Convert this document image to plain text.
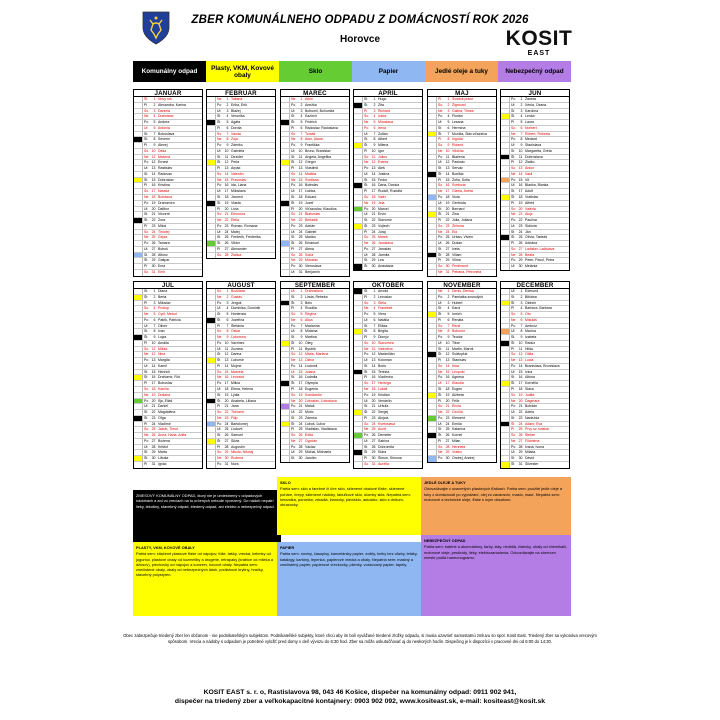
ZBER KOMUNÁLNEHO ODPADU Z DOMÁCNOSTÍ ROK 2026
Horovce	KOSIT
EAST
Komunálny odpad	Plasty, VKM, Kovové obaly	Sklo	Papier	Jedlé oleje a tuky	Nebezpečný odpad
JANUÁR
Št	1 Nový rok
Pi	2 Alexandra, Karina
So	3 Daniela
Ne	4 Drahoslav
Po	5 Andrea
Ut	6 Antónia
St	7 Bohuslava
Št	8 Severín
Pi	9 Alexej
So 10 Dáša
Ne 11 Malvína
Po 12 Ernest
Ut	13 Rastislav
St	14 Radovan
Št	15 Dobroslav
Pi	16 Kristína
So 17 Nataša
Ne 18 Bohdana
Po 19 Drahomíra
Ut	20 Dalibor
St	21 Vincent
Št	22 Zora
Pi	23 Miloš
So 24 Timotej
Ne 25 Gejza
Po 26 Tamara
Ut	27 Bohuš
St	28 Alfonz
Št	29 Gašpar
Pi	30 Ema
So 31 Emil
FEBRUÁR
Ne	1 Tatiana
Po	2 Erika, Erik
Ut	3 Blažej
St	4 Veronika
Št	5 Agáta
Pi	6 Dorota
So	7 Vanda
Ne	8 Zoja
Po	9 Zdenko
Ut	10 Gabriela
St	11 Dezider
Št	12 Perla
Pi	13 Arpád
So 14 Valentín
Ne 15 Pravoslav
Po 16 Ida, Liana
Ut	17 Miloslava
St	18 Jaromír
Št	19 Vlasta
Pi	20 Lívia
So 21 Eleonóra
Ne 22 Etela
Po 23 Roman, Romana
Ut	24 Matej
St	25 Frederik, Frederika
Št	26 Viktor
Pi	27 Alexander
So 28 Zlatica
MAREC
Ne	1 Albín
Po	2 Anežka
Ut	3 Bohumil, Bohumila
St	4 Kazimír
Št	5 Fridrich
Pi	6 Radoslav, Radoslava
So	7 Tomáš
Ne	8 Alan, Alana
Po	9 Františka
Ut	10 Bruno, Branislav
St	11 Angela, Angelika
Št	12 Gregor
Pi	13 Vlastimil
So 14 Matilda
Ne 15 Svetlana
Po 16 Boleslav
Ut	17 Ľubica
St	18 Eduard
Št	19 Jozef
Pi	20 Víťazoslav, Klaudius
So 21 Blahoslav
Ne 22 Beňadik
Po 23 Adrián
Ut	24 Gabriel
St	25 Marián
Št	26 Emanuel
Pi	27 Alena
So 28 Soňa
Ne 29 Miroslav
Po 30 Vieroslava
Ut	31 Benjamín
APRÍL
St	1 Hugo
Št	2 Zita
Pi	3 Richard
So	4 Izidor
Ne	5 Miroslava
Po	6 Irena
Ut	7 Zoltán
St	8 Albert
Št	9 Milena
Pi	10 Igor
So	11 Július
Ne 12 Estera
Po 13 Aleš
Ut	14 Justína
St	15 Fedor
Št	16 Dana, Danica
Pi	17 Rudolf, Rudolfa
So 18 Valér
Ne 19 Jela
Po 20 Marcel
Ut	21 Ervín
St	22 Slavomír
Št	23 Vojtech
Pi	24 Juraj
So 25 Marek
Ne 26 Jaroslava
Po 27 Jaroslav
Ut	28 Jarmila
St	29 Lea
Št	30 Anastázia
MÁJ
Pi	1 Sviatok práce
So	2 Žigmund
Ne	3 Galina, Timea
Po	4 Florián
Ut	5 Lesana
St	6 Hermína
Št	7 Monika, Sláv.víťazstva
Pi	8 Ingrida
So	9 Roland
Ne 10 Viktória
Po	11 Blažena
Ut	12 Pankrác
St	13 Servác
Št	14 Bonifác
Pi	15 Žofia, Sofia
So 16 Svetozár
Ne 17 Gizela, Aneta
Po 18 Viola
Ut	19 Gertrúda
St	20 Bernard
Št	21 Zina
Pi	22 Júlia, Juliana
So 23 Želmíra
Ne 24 Ela
Po 25 Urban, Vivien
Ut	26 Dušan
St	27 Iveta
Št	28 Viliam
Pi	29 Vilma
So 30 Ferdinand
Ne 31 Petrana, Petronela
JÚN
Po	1 Žaneta
Ut	2 Xénia, Oxana
St	3 Karolína
Št	4 Lenka
Pi	5 Laura
So	6 Norbert
Ne	7 Róbert, Róberta
Po	8 Medard
Ut	9 Stanislava
St	10 Margaréta, Gréta
Št	11 Dobroslava
Pi	12 Zlatko
So 13 Anton
Ne 14 Vasil
Po 15 Vít
Ut	16 Blanka, Bianka
St	17 Adolf
Št	18 Vratislav
Pi	19 Alfréd
So 20 Valéria
Ne 21 Alojz
Po 22 Paulína
Ut	23 Sidónia
St	24 Ján
Št	25 Olívia, Tadeáš
Pi	26 Adriána
So 27 Ladislav, Ladislava
Ne 28 Beáta
Po 29 Peter, Pavol, Petra
Ut	30 Melánia
JÚL
St	1 Diana
Št	2 Berta
Pi	3 Miloslav
So	4 Prokop
Ne	5 Cyril, Metod
Po	6 Patrik, Patrícia
Ut	7 Oliver
St	8 Ivan
Št	9 Lujza
Pi	10 Amália
So	11 Milota
Ne 12 Nina
Po 13 Margita
Ut	14 Kamil
St	15 Henrich
Št	16 Drahomír, Rút
Pi	17 Bohuslav
So 18 Kamila
Ne 19 Dušana
Po 20 Iľja, Eliáš
Ut	21 Daniel
St	22 Magdaléna
Št	23 Oľga
Pi	24 Vladimír
So 25 Jakub, Timur
Ne 26 Anna, Hana, Anita
Po 27 Božena
Ut	28 Krištof
St	29 Marta
Št	30 Libuša
Pi	31 Ignác
AUGUST
So	1 Božidara
Ne	2 Gustáv
Po	3 Jerguš
Ut	4 Dominika, Dominik
St	5 Hortenzia
Št	6 Jozefína
Pi	7 Štefánia
So	8 Oskar
Ne	9 Ľubomíra
Po 10 Vavrinec
Ut	11 Zuzana
St	12 Darina
Št	13 Ľubomír
Pi	14 Mojmír
So 15 Marcela
Ne 16 Leonard
Po 17 Milica
Ut	18 Elena, Helena
St	19 Lýdia
Št	20 Anabela, Liliana
Pi	21 Jana
So 22 Tichomír
Ne 23 Filip
Po 24 Bartolomej
Ut	25 Ľudovít
St	26 Samuel
Št	27 Silvia
Pi	28 Augustín
So 29 Nikola, Nikolaj
Ne 30 Ružena
Po 31 Nora
SEPTEMBER
Ut	1 Drahoslava
St	2 Linda, Rebeka
Št	3 Belo
Pi	4 Rozália
So	5 Regína
Ne	6 Alica
Po	7 Marianna
Ut	8 Miriama
St	9 Martina
Št	10 Oleg
Pi	11 Bystrík
So 12 Mária, Marlena
Ne 13 Ctibor
Po 14 Ľudomil
Ut	15 Jolana
St	16 Ľudmila
Št	17 Olympia
Pi	18 Eugénia
So 19 Konštantín
Ne 20 Ľuboslav, Ľuboslava
Po 21 Matúš
Ut	22 Móric
St	23 Zdenka
Št	24 Ľuboš, Ľubor
Pi	25 Vladislav, Vladislava
So 26 Edita
Ne 27 Cyprián
Po 28 Václav
Ut	29 Michal, Michaela
St	30 Jarolím
OKTÓBER
Št	1 Arnold
Pi	2 Levoslav
So	3 Stela
Ne	4 František
Po	5 Viera
Ut	6 Natália
St	7 Eliška
Št	8 Brigita
Pi	9 Dionýz
So 10 Slavomíra
Ne 11 Valentína
Po 12 Maximilián
Ut	13 Koloman
St	14 Boris
Št	15 Terézia
Pi	16 Vladimíra
So 17 Hedviga
Ne 18 Lukáš
Po 19 Kristián
Ut	20 Vendelín
St	21 Uršuľa
Št	22 Sergej
Pi	23 Alojzia
So 24 Kvetoslava
Ne 25 Aurel
Po 26 Demeter
Ut	27 Sabína
St	28 Dobromila
Št	29 Klára
Pi	30 Šimon, Simona
So 31 Aurélia
NOVEMBER
Ne	1 Denis, Denisa
Po	2 Pamiatka zosnulých
Ut	3 Hubert
St	4 Karol
Št	5 Imrich
Pi	6 Renáta
So	7 René
Ne	8 Bohumír
Po	9 Teodor
Ut	10 Tibor
St	11 Martin, Maroš
Št	12 Svätopluk
Pi	13 Stanislav
So 14 Irma
Ne 15 Leopold
Po 16 Agnesa
Ut	17 Klaudia
St	18 Eugen
Št	19 Alžbeta
Pi	20 Félix
So 21 Elvíra
Ne 22 Cecília
Po 23 Klement
Ut	24 Emília
St	25 Katarína
Št	26 Kornel
Pi	27 Milan
So 28 Henrieta
Ne 29 Vratko
Po 30 Ondrej, Andrej
DECEMBER
Ut	1 Edmund
St	2 Bibiána
Št	3 Oldrich
Pi	4 Barbora, Barbara
So	5 Oto
Ne	6 Mikuláš
Po	7 Ambróz
Ut	8 Marína
St	9 Izabela
Št	10 Radúz
Pi	11 Hilda
So 12 Otília
Ne 13 Lucia
Po 14 Branislava, Bronislava
Ut	15 Ivica
St	16 Albína
Št	17 Kornélia
Pi	18 Sláva
So 19 Judita
Ne 20 Dagmara
Po 21 Bohdan
Ut	22 Adela
St	23 Nadežda
Št	24 Adam, Eva
Pi	25 Prvý sv. sviatok
So 26 Štefan
Ne 27 Filoména
Po 28 Ivana, Ivona
Ut	29 Milada
St	30 Dávid
Št	31 Silvester
ZMESOVÝ KOMUNÁLNY ODPAD, ktorý nie je umiestnený v odpadových nádobách a ani vo vreciach na to určených nebude vyvezený. Do nádob nepatrí lieky, tekutiny, stavebný odpad, triedený odpad, ani elektro a nebezpečný odpad.
SKLO
Patria sem: sklo a farebné či číre sklo, sklenené obalové fľaše, sklenené poháre, črepy, sklenené nádoby, tabuľkové sklo, úlomky skla. Nepatria sem: keramika, porcelán, zrkadlá, žiarovky, plexisklo, autosklo, sklo s drôtom, obrazovky.
JEDLÉ OLEJE A TUKY
Odovzdávajte v uzavretých plastových fľašiach. Patria sem: použité jedlé oleje a tuky z domácnosti po vyprážaní, olej zo zaváranín, maslo, masť. Nepatria sem: motorové a technické oleje, fľaše s iným obsahom.
PLASTY, VKM, KOVOVÉ OBALY
Patria sem: stlačené plastové fľaše od nápojov, fólie, tašky, vrecká, kelímky od jogurtov, plastové obaly od kozmetiky a drogérie, tetrapaky (krabice od mlieka a džúsov), plechovky od nápojov a konzerv, kovové obaly. Nepatria sem: znečistené obaly, obaly od nebezpečných látok, podlahové krytiny, hračky, stavebný polystyrén.
PAPIER
Patria sem: noviny, časopisy, kancelársky papier, zošity, knihy bez väzby, letáky, katalógy, kartóny, lepenka, papierové vrecká a obaly. Nepatria sem: mastný a znečistený papier, papierové vreckovky, plienky, voskovaný papier, tapety.
NEBEZPEČNÝ ODPAD
Patria sem: batérie a akumulátory, farby, laky, riedidlá, žiarivky, obaly od chemikálií, motorové oleje, pesticídy, lieky, elektrozariadenia. Odovzdávajte na zbernom mieste podľa harmonogramu.
Obec zabezpečuje triedený zber len občanom - nie podnikateľským subjektom. Podnikateľské subjekty, ktoré chcú aby im boli vyvážané triedené zložky odpadu, si musia uzavrieť samostatnú zmluvu so spol. Kosit East. Triedený zber sa vykonáva vrecovým spôsobom. Vrecia a nádoby s odpadom je potrebné vyložiť pred domy v deň vývozu do 6:30 hod. Zber sa môže uskutočňovať aj do neskorých hodín. Dispečing je k dispozícii v pracovné dni od 6:00 do 14:30.
KOSIT EAST s. r. o, Rastislavova 98, 043 46 Košice, dispečer na komunálny odpad: 0911 902 941,
dispečer na triedený zber a veľkokapacitné kontajnery: 0903 902 092, www.kositeast.sk, e-mail: kositeast@kosit.sk
